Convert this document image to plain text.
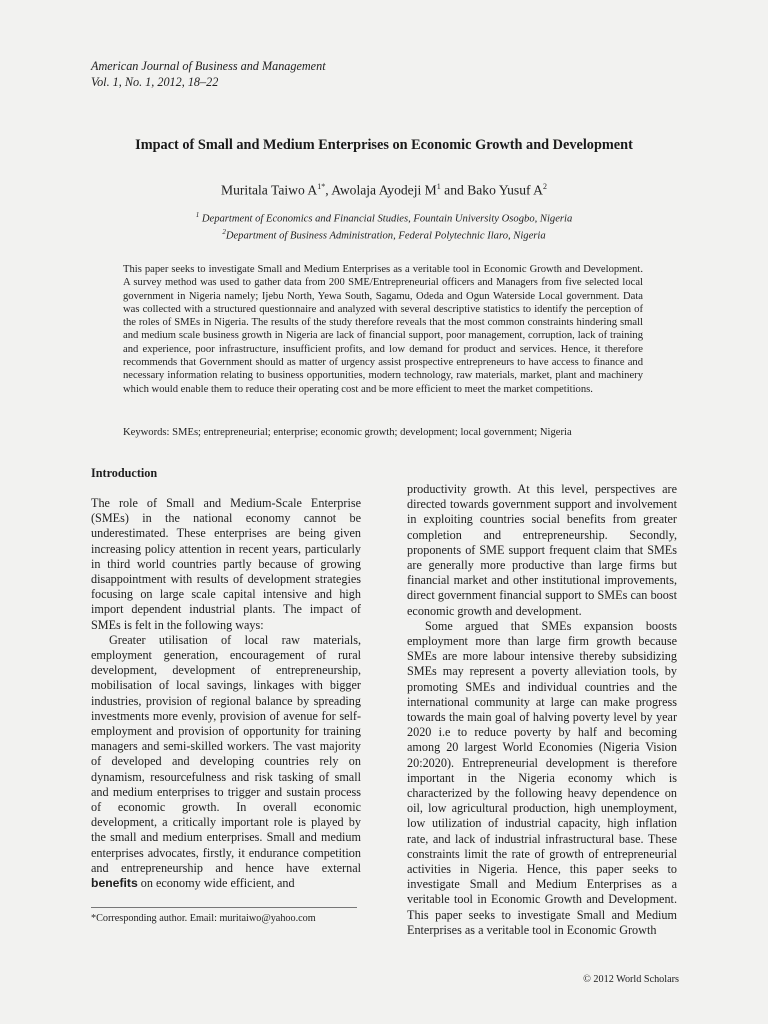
American Journal of Business and Management
Vol. 1, No. 1, 2012, 18–22
Impact of Small and Medium Enterprises on Economic Growth and Development
Muritala Taiwo $A^{1*}$, Awolaja Ayodeji $M^1$ and Bako Yusuf $A^2$
$^1$ Department of Economics and Financial Studies, Fountain University Osogbo, Nigeria
$^2$Department of Business Administration, Federal Polytechnic Ilaro, Nigeria
This paper seeks to investigate Small and Medium Enterprises as a veritable tool in Economic Growth and Development. A survey method was used to gather data from 200 SME/Entrepreneurial officers and Managers from five selected local government in Nigeria namely; Ijebu North, Yewa South, Sagamu, Odeda and Ogun Waterside Local government. Data was collected with a structured questionnaire and analyzed with several descriptive statistics to identify the perception of the roles of SMEs in Nigeria. The results of the study therefore reveals that the most common constraints hindering small and medium scale business growth in Nigeria are lack of financial support, poor management, corruption, lack of training and experience, poor infrastructure, insufficient profits, and low demand for product and services. Hence, it therefore recommends that Government should as matter of urgency assist prospective entrepreneurs to have access to finance and necessary information relating to business opportunities, modern technology, raw materials, market, plant and machinery which would enable them to reduce their operating cost and be more efficient to meet the market competitions.
Keywords: SMEs; entrepreneurial; enterprise; economic growth; development; local government; Nigeria
Introduction

The role of Small and Medium-Scale Enterprise (SMEs) in the national economy cannot be underestimated. These enterprises are being given increasing policy attention in recent years, particularly in third world countries partly because of growing disappointment with results of development strategies focusing on large scale capital intensive and high import dependent industrial plants. The impact of SMEs is felt in the following ways:

Greater utilisation of local raw materials, employment generation, encouragement of rural development, development of entrepreneurship, mobilisation of local savings, linkages with bigger industries, provision of regional balance by spreading investments more evenly, provision of avenue for self-employment and provision of opportunity for training managers and semi-skilled workers. The vast majority of developed and developing countries rely on dynamism, resourcefulness and risk tasking of small and medium enterprises to trigger and sustain process of economic growth. In overall economic development, a critically important role is played by the small and medium enterprises. Small and medium enterprises advocates, firstly, it endurance competition and entrepreneurship and hence have external benefits on economy wide efficient, and

productivity growth. At this level, perspectives are directed towards government support and involvement in exploiting countries social benefits from greater completion and entrepreneurship. Secondly, proponents of SME support frequent claim that SMEs are generally more productive than large firms but financial market and other institutional improvements, direct government financial support to SMEs can boost economic growth and development.

Some argued that SMEs expansion boosts employment more than large firm growth because SMEs are more labour intensive thereby subsidizing SMEs may represent a poverty alleviation tools, by promoting SMEs and individual countries and the international community at large can make progress towards the main goal of halving poverty level by year 2020 i.e to reduce poverty by half and becoming among 20 largest World Economies (Nigeria Vision 20:2020). Entrepreneurial development is therefore important in the Nigeria economy which is characterized by the following heavy dependence on oil, low agricultural production, high unemployment, low utilization of industrial capacity, high inflation rate, and lack of industrial infrastructural base. These constraints limit the rate of growth of entrepreneurial activities in Nigeria. Hence, this paper seeks to investigate Small and Medium Enterprises as a veritable tool in Economic Growth and Development. This paper seeks to investigate Small and Medium Enterprises as a veritable tool in Economic Growth

*Corresponding author. Email: muritaiwo@yahoo.com
© 2012 World Scholars
